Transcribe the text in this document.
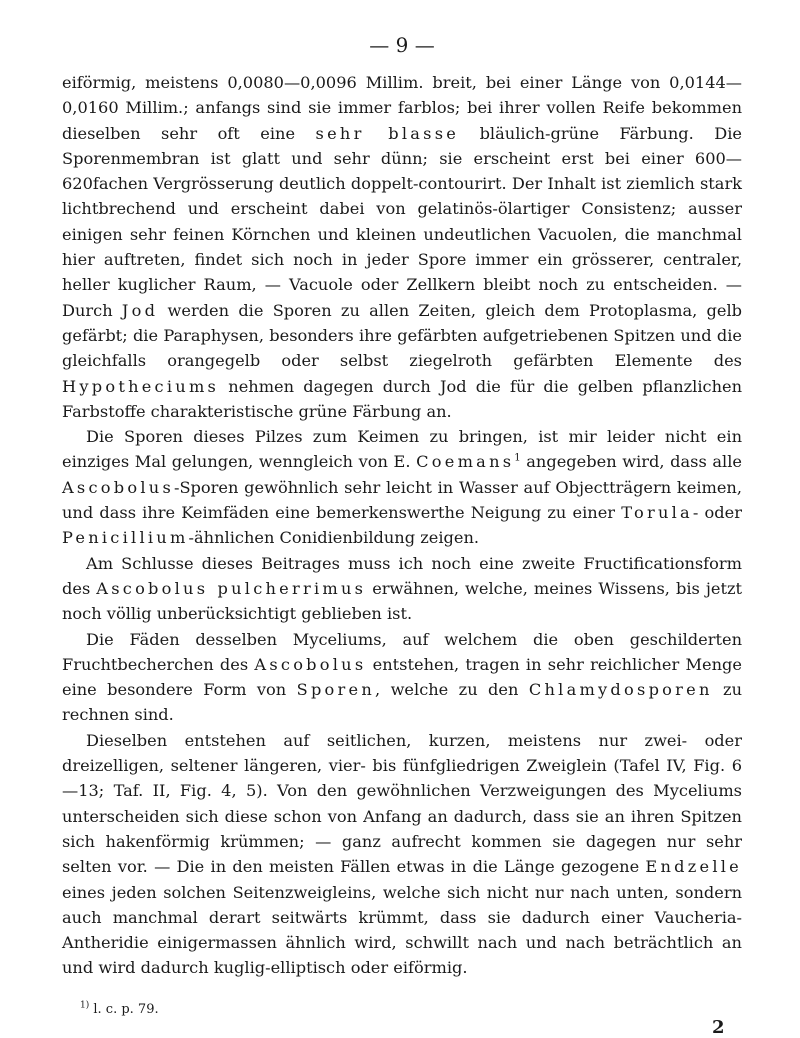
— 9 —

eiförmig, meistens 0,0080—0,0096 Millim. breit, bei einer Länge von 0,0144—0,0160 Millim.; anfangs sind sie immer farblos; bei ihrer vollen Reife bekommen dieselben sehr oft eine sehr blasse bläulich-grüne Färbung. Die Sporenmembran ist glatt und sehr dünn; sie erscheint erst bei einer 600—620fachen Vergrösserung deutlich doppelt-contourirt. Der Inhalt ist ziemlich stark lichtbrechend und erscheint dabei von gelatinös-ölartiger Consistenz; ausser einigen sehr feinen Körnchen und kleinen undeutlichen Vacuolen, die manchmal hier auftreten, findet sich noch in jeder Spore immer ein grösserer, centraler, heller kuglicher Raum, — Vacuole oder Zellkern bleibt noch zu entscheiden. — Durch Jod werden die Sporen zu allen Zeiten, gleich dem Protoplasma, gelb gefärbt; die Paraphysen, besonders ihre gefärbten aufgetriebenen Spitzen und die gleichfalls orangegelb oder selbst ziegelroth gefärbten Elemente des Hypotheciums nehmen dagegen durch Jod die für die gelben pflanzlichen Farbstoffe charakteristische grüne Färbung an.

Die Sporen dieses Pilzes zum Keimen zu bringen, ist mir leider nicht ein einziges Mal gelungen, wenngleich von E. Coemans$^1$ angegeben wird, dass alle Ascobolus-Sporen gewöhnlich sehr leicht in Wasser auf Objectträgern keimen, und dass ihre Keimfäden eine bemerkenswerthe Neigung zu einer Torula- oder Penicillium-ähnlichen Conidienbildung zeigen.

Am Schlusse dieses Beitrages muss ich noch eine zweite Fructificationsform des Ascobolus pulcherrimus erwähnen, welche, meines Wissens, bis jetzt noch völlig unberücksichtigt geblieben ist.

Die Fäden desselben Myceliums, auf welchem die oben geschilderten Fruchtbecherchen des Ascobolus entstehen, tragen in sehr reichlicher Menge eine besondere Form von Sporen, welche zu den Chlamydosporen zu rechnen sind.

Dieselben entstehen auf seitlichen, kurzen, meistens nur zwei- oder dreizelligen, seltener längeren, vier- bis fünfgliedrigen Zweiglein (Tafel IV, Fig. 6—13; Taf. II, Fig. 4, 5). Von den gewöhnlichen Verzweigungen des Myceliums unterscheiden sich diese schon von Anfang an dadurch, dass sie an ihren Spitzen sich hakenförmig krümmen; — ganz aufrecht kommen sie dagegen nur sehr selten vor. — Die in den meisten Fällen etwas in die Länge gezogene Endzelle eines jeden solchen Seitenzweigleins, welche sich nicht nur nach unten, sondern auch manchmal derart seitwärts krümmt, dass sie dadurch einer Vaucheria-Antheridie einigermassen ähnlich wird, schwillt nach und nach beträchtlich an und wird dadurch kuglig-elliptisch oder eiförmig.

$^{1)}$ l. c. p. 79.
2
